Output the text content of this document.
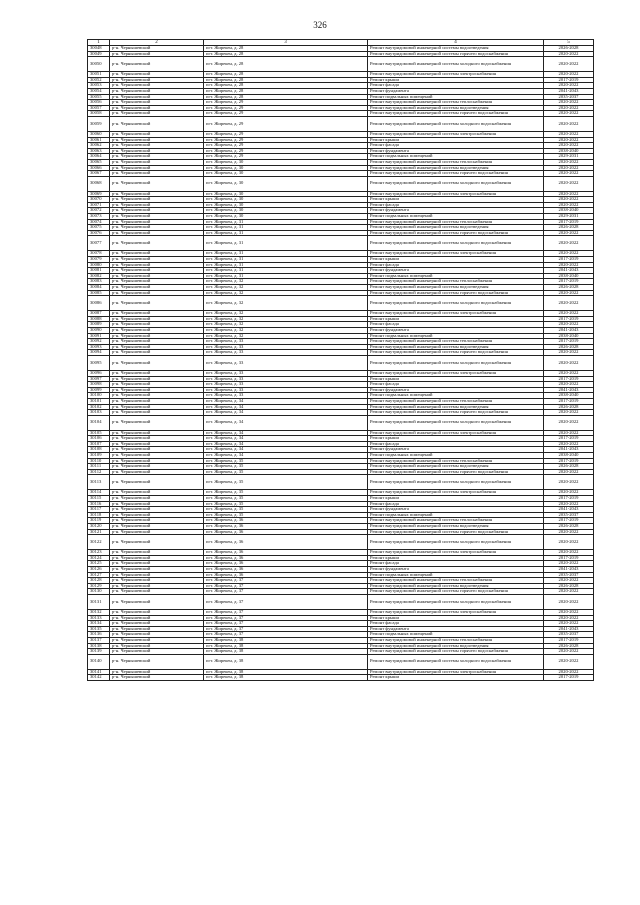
326
1	2	3	4	5
30048	р-н. Чернышевский	пгт. Жирекен, д. 28	Ремонт внутридомовой инженерной системы водоотведения	2026-2028
30049	р-н. Чернышевский	пгт. Жирекен, д. 28	Ремонт внутридомовой инженерной системы горячего водоснабжения	2020-2022
30050	р-н. Чернышевский	пгт. Жирекен, д. 28	Ремонт внутридомовой инженерной системы холодного водоснабжения	2020-2022
30051	р-н. Чернышевский	пгт. Жирекен, д. 28	Ремонт внутридомовой инженерной системы электроснабжения	2020-2022
30052	р-н. Чернышевский	пгт. Жирекен, д. 28	Ремонт крыши	2017-2019
30053	р-н. Чернышевский	пгт. Жирекен, д. 28	Ремонт фасада	2020-2022
30054	р-н. Чернышевский	пгт. Жирекен, д. 28	Ремонт фундамента	2041-2043
30055	р-н. Чернышевский	пгт. Жирекен, д. 28	Ремонт подвальных помещений	2035-2037
30056	р-н. Чернышевский	пгт. Жирекен, д. 29	Ремонт внутридомовой инженерной системы теплоснабжения	2020-2022
30057	р-н. Чернышевский	пгт. Жирекен, д. 29	Ремонт внутридомовой инженерной системы водоотведения	2020-2022
30058	р-н. Чернышевский	пгт. Жирекен, д. 29	Ремонт внутридомовой инженерной системы горячего водоснабжения	2020-2022
30059	р-н. Чернышевский	пгт. Жирекен, д. 29	Ремонт внутридомовой инженерной системы холодного водоснабжения	2020-2022
30060	р-н. Чернышевский	пгт. Жирекен, д. 29	Ремонт внутридомовой инженерной системы электроснабжения	2020-2022
30061	р-н. Чернышевский	пгт. Жирекен, д. 29	Ремонт крыши	2020-2022
30062	р-н. Чернышевский	пгт. Жирекен, д. 29	Ремонт фасада	2020-2022
30063	р-н. Чернышевский	пгт. Жирекен, д. 29	Ремонт фундамента	2038-2040
30064	р-н. Чернышевский	пгт. Жирекен, д. 29	Ремонт подвальных помещений	2029-2031
30065	р-н. Чернышевский	пгт. Жирекен, д. 30	Ремонт внутридомовой инженерной системы теплоснабжения	2020-2022
30066	р-н. Чернышевский	пгт. Жирекен, д. 30	Ремонт внутридомовой инженерной системы водоотведения	2020-2022
30067	р-н. Чернышевский	пгт. Жирекен, д. 30	Ремонт внутридомовой инженерной системы горячего водоснабжения	2020-2022
30068	р-н. Чернышевский	пгт. Жирекен, д. 30	Ремонт внутридомовой инженерной системы холодного водоснабжения	2020-2022
30069	р-н. Чернышевский	пгт. Жирекен, д. 30	Ремонт внутридомовой инженерной системы электроснабжения	2020-2022
30070	р-н. Чернышевский	пгт. Жирекен, д. 30	Ремонт крыши	2020-2022
30071	р-н. Чернышевский	пгт. Жирекен, д. 30	Ремонт фасада	2020-2022
30072	р-н. Чернышевский	пгт. Жирекен, д. 30	Ремонт фундамента	2038-2040
30073	р-н. Чернышевский	пгт. Жирекен, д. 30	Ремонт подвальных помещений	2029-2031
30074	р-н. Чернышевский	пгт. Жирекен, д. 31	Ремонт внутридомовой инженерной системы теплоснабжения	2017-2019
30075	р-н. Чернышевский	пгт. Жирекен, д. 31	Ремонт внутридомовой инженерной системы водоотведения	2026-2028
30076	р-н. Чернышевский	пгт. Жирекен, д. 31	Ремонт внутридомовой инженерной системы горячего водоснабжения	2020-2022
30077	р-н. Чернышевский	пгт. Жирекен, д. 31	Ремонт внутридомовой инженерной системы холодного водоснабжения	2020-2022
30078	р-н. Чернышевский	пгт. Жирекен, д. 31	Ремонт внутридомовой инженерной системы электроснабжения	2020-2022
30079	р-н. Чернышевский	пгт. Жирекен, д. 31	Ремонт крыши	2017-2019
30080	р-н. Чернышевский	пгт. Жирекен, д. 31	Ремонт фасада	2020-2022
30081	р-н. Чернышевский	пгт. Жирекен, д. 31	Ремонт фундамента	2041-2043
30082	р-н. Чернышевский	пгт. Жирекен, д. 31	Ремонт подвальных помещений	2038-2040
30083	р-н. Чернышевский	пгт. Жирекен, д. 32	Ремонт внутридомовой инженерной системы теплоснабжения	2017-2019
30084	р-н. Чернышевский	пгт. Жирекен, д. 32	Ремонт внутридомовой инженерной системы водоотведения	2026-2028
30085	р-н. Чернышевский	пгт. Жирекен, д. 32	Ремонт внутридомовой инженерной системы горячего водоснабжения	2020-2022
30086	р-н. Чернышевский	пгт. Жирекен, д. 32	Ремонт внутридомовой инженерной системы холодного водоснабжения	2020-2022
30087	р-н. Чернышевский	пгт. Жирекен, д. 32	Ремонт внутридомовой инженерной системы электроснабжения	2020-2022
30088	р-н. Чернышевский	пгт. Жирекен, д. 32	Ремонт крыши	2017-2019
30089	р-н. Чернышевский	пгт. Жирекен, д. 32	Ремонт фасада	2020-2022
30090	р-н. Чернышевский	пгт. Жирекен, д. 32	Ремонт фундамента	2041-2043
30091	р-н. Чернышевский	пгт. Жирекен, д. 32	Ремонт подвальных помещений	2038-2040
30092	р-н. Чернышевский	пгт. Жирекен, д. 33	Ремонт внутридомовой инженерной системы теплоснабжения	2017-2019
30093	р-н. Чернышевский	пгт. Жирекен, д. 33	Ремонт внутридомовой инженерной системы водоотведения	2026-2028
30094	р-н. Чернышевский	пгт. Жирекен, д. 33	Ремонт внутридомовой инженерной системы горячего водоснабжения	2020-2022
30095	р-н. Чернышевский	пгт. Жирекен, д. 33	Ремонт внутридомовой инженерной системы холодного водоснабжения	2020-2022
30096	р-н. Чернышевский	пгт. Жирекен, д. 33	Ремонт внутридомовой инженерной системы электроснабжения	2020-2022
30097	р-н. Чернышевский	пгт. Жирекен, д. 33	Ремонт крыши	2017-2019
30098	р-н. Чернышевский	пгт. Жирекен, д. 33	Ремонт фасада	2020-2022
30099	р-н. Чернышевский	пгт. Жирекен, д. 33	Ремонт фундамента	2041-2043
30100	р-н. Чернышевский	пгт. Жирекен, д. 33	Ремонт подвальных помещений	2038-2040
30101	р-н. Чернышевский	пгт. Жирекен, д. 34	Ремонт внутридомовой инженерной системы теплоснабжения	2017-2019
30102	р-н. Чернышевский	пгт. Жирекен, д. 34	Ремонт внутридомовой инженерной системы водоотведения	2026-2028
30103	р-н. Чернышевский	пгт. Жирекен, д. 34	Ремонт внутридомовой инженерной системы горячего водоснабжения	2020-2022
30104	р-н. Чернышевский	пгт. Жирекен, д. 34	Ремонт внутридомовой инженерной системы холодного водоснабжения	2020-2022
30105	р-н. Чернышевский	пгт. Жирекен, д. 34	Ремонт внутридомовой инженерной системы электроснабжения	2020-2022
30106	р-н. Чернышевский	пгт. Жирекен, д. 34	Ремонт крыши	2017-2019
30107	р-н. Чернышевский	пгт. Жирекен, д. 34	Ремонт фасада	2020-2022
30108	р-н. Чернышевский	пгт. Жирекен, д. 34	Ремонт фундамента	2041-2043
30109	р-н. Чернышевский	пгт. Жирекен, д. 34	Ремонт подвальных помещений	2038-2040
30110	р-н. Чернышевский	пгт. Жирекен, д. 35	Ремонт внутридомовой инженерной системы теплоснабжения	2017-2019
30111	р-н. Чернышевский	пгт. Жирекен, д. 35	Ремонт внутридомовой инженерной системы водоотведения	2026-2028
30112	р-н. Чернышевский	пгт. Жирекен, д. 35	Ремонт внутридомовой инженерной системы горячего водоснабжения	2020-2022
30113	р-н. Чернышевский	пгт. Жирекен, д. 35	Ремонт внутридомовой инженерной системы холодного водоснабжения	2020-2022
30114	р-н. Чернышевский	пгт. Жирекен, д. 35	Ремонт внутридомовой инженерной системы электроснабжения	2020-2022
30115	р-н. Чернышевский	пгт. Жирекен, д. 35	Ремонт крыши	2017-2019
30116	р-н. Чернышевский	пгт. Жирекен, д. 35	Ремонт фасада	2020-2022
30117	р-н. Чернышевский	пгт. Жирекен, д. 35	Ремонт фундамента	2041-2043
30118	р-н. Чернышевский	пгт. Жирекен, д. 35	Ремонт подвальных помещений	2035-2037
30119	р-н. Чернышевский	пгт. Жирекен, д. 36	Ремонт внутридомовой инженерной системы теплоснабжения	2017-2019
30120	р-н. Чернышевский	пгт. Жирекен, д. 36	Ремонт внутридомовой инженерной системы водоотведения	2026-2028
30121	р-н. Чернышевский	пгт. Жирекен, д. 36	Ремонт внутридомовой инженерной системы горячего водоснабжения	2020-2022
30122	р-н. Чернышевский	пгт. Жирекен, д. 36	Ремонт внутридомовой инженерной системы холодного водоснабжения	2020-2022
30123	р-н. Чернышевский	пгт. Жирекен, д. 36	Ремонт внутридомовой инженерной системы электроснабжения	2020-2022
30124	р-н. Чернышевский	пгт. Жирекен, д. 36	Ремонт крыши	2017-2019
30125	р-н. Чернышевский	пгт. Жирекен, д. 36	Ремонт фасада	2020-2022
30126	р-н. Чернышевский	пгт. Жирекен, д. 36	Ремонт фундамента	2041-2043
30127	р-н. Чернышевский	пгт. Жирекен, д. 36	Ремонт подвальных помещений	2035-2037
30128	р-н. Чернышевский	пгт. Жирекен, д. 37	Ремонт внутридомовой инженерной системы теплоснабжения	2020-2022
30129	р-н. Чернышевский	пгт. Жирекен, д. 37	Ремонт внутридомовой инженерной системы водоотведения	2026-2028
30130	р-н. Чернышевский	пгт. Жирекен, д. 37	Ремонт внутридомовой инженерной системы горячего водоснабжения	2020-2022
30131	р-н. Чернышевский	пгт. Жирекен, д. 37	Ремонт внутридомовой инженерной системы холодного водоснабжения	2020-2022
30132	р-н. Чернышевский	пгт. Жирекен, д. 37	Ремонт внутридомовой инженерной системы электроснабжения	2020-2022
30133	р-н. Чернышевский	пгт. Жирекен, д. 37	Ремонт крыши	2020-2022
30134	р-н. Чернышевский	пгт. Жирекен, д. 37	Ремонт фасада	2020-2022
30135	р-н. Чернышевский	пгт. Жирекен, д. 37	Ремонт фундамента	2041-2043
30136	р-н. Чернышевский	пгт. Жирекен, д. 37	Ремонт подвальных помещений	2035-2037
30137	р-н. Чернышевский	пгт. Жирекен, д. 38	Ремонт внутридомовой инженерной системы теплоснабжения	2017-2019
30138	р-н. Чернышевский	пгт. Жирекен, д. 38	Ремонт внутридомовой инженерной системы водоотведения	2026-2028
30139	р-н. Чернышевский	пгт. Жирекен, д. 38	Ремонт внутридомовой инженерной системы горячего водоснабжения	2020-2022
30140	р-н. Чернышевский	пгт. Жирекен, д. 38	Ремонт внутридомовой инженерной системы холодного водоснабжения	2020-2022
30141	р-н. Чернышевский	пгт. Жирекен, д. 38	Ремонт внутридомовой инженерной системы электроснабжения	2020-2022
30142	р-н. Чернышевский	пгт. Жирекен, д. 38	Ремонт крыши	2017-2019
